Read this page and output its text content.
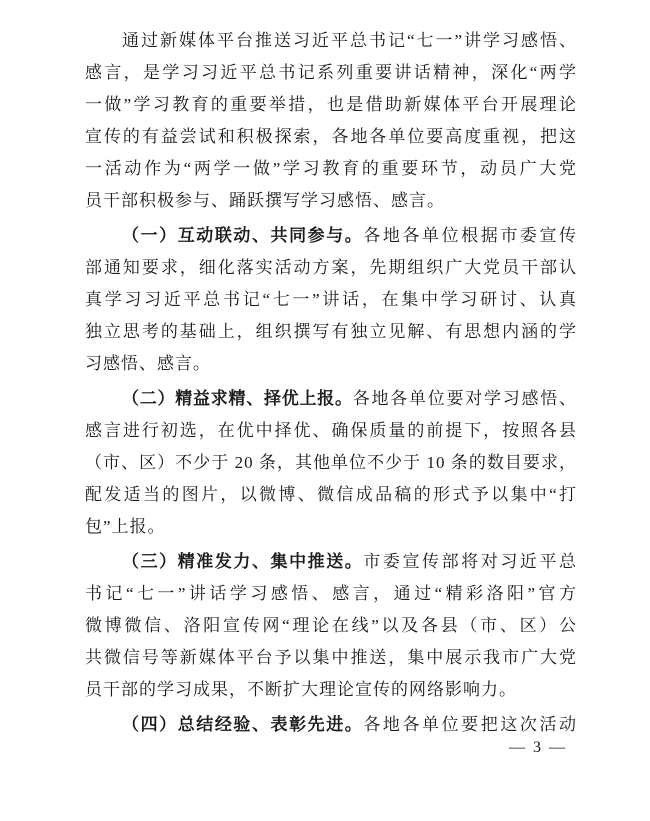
通过新媒体平台推送习近平总书记“七一”讲学习感悟、
感言，是学习习近平总书记系列重要讲话精神，深化“两学
一做”学习教育的重要举措，也是借助新媒体平台开展理论
宣传的有益尝试和积极探索，各地各单位要高度重视，把这
一活动作为“两学一做”学习教育的重要环节，动员广大党
员干部积极参与、踊跃撰写学习感悟、感言。
（一）互动联动、共同参与。各地各单位根据市委宣传
部通知要求，细化落实活动方案，先期组织广大党员干部认
真学习习近平总书记“七一”讲话，在集中学习研讨、认真
独立思考的基础上，组织撰写有独立见解、有思想内涵的学
习感悟、感言。
（二）精益求精、择优上报。各地各单位要对学习感悟、
感言进行初选，在优中择优、确保质量的前提下，按照各县
（市、区）不少于 20 条，其他单位不少于 10 条的数目要求，
配发适当的图片，以微博、微信成品稿的形式予以集中“打
包”上报。
（三）精准发力、集中推送。市委宣传部将对习近平总
书记“七一”讲话学习感悟、感言，通过“精彩洛阳”官方
微博微信、洛阳宣传网“理论在线”以及各县（市、区）公
共微信号等新媒体平台予以集中推送，集中展示我市广大党
员干部的学习成果，不断扩大理论宣传的网络影响力。
（四）总结经验、表彰先进。各地各单位要把这次活动
— 3 —
